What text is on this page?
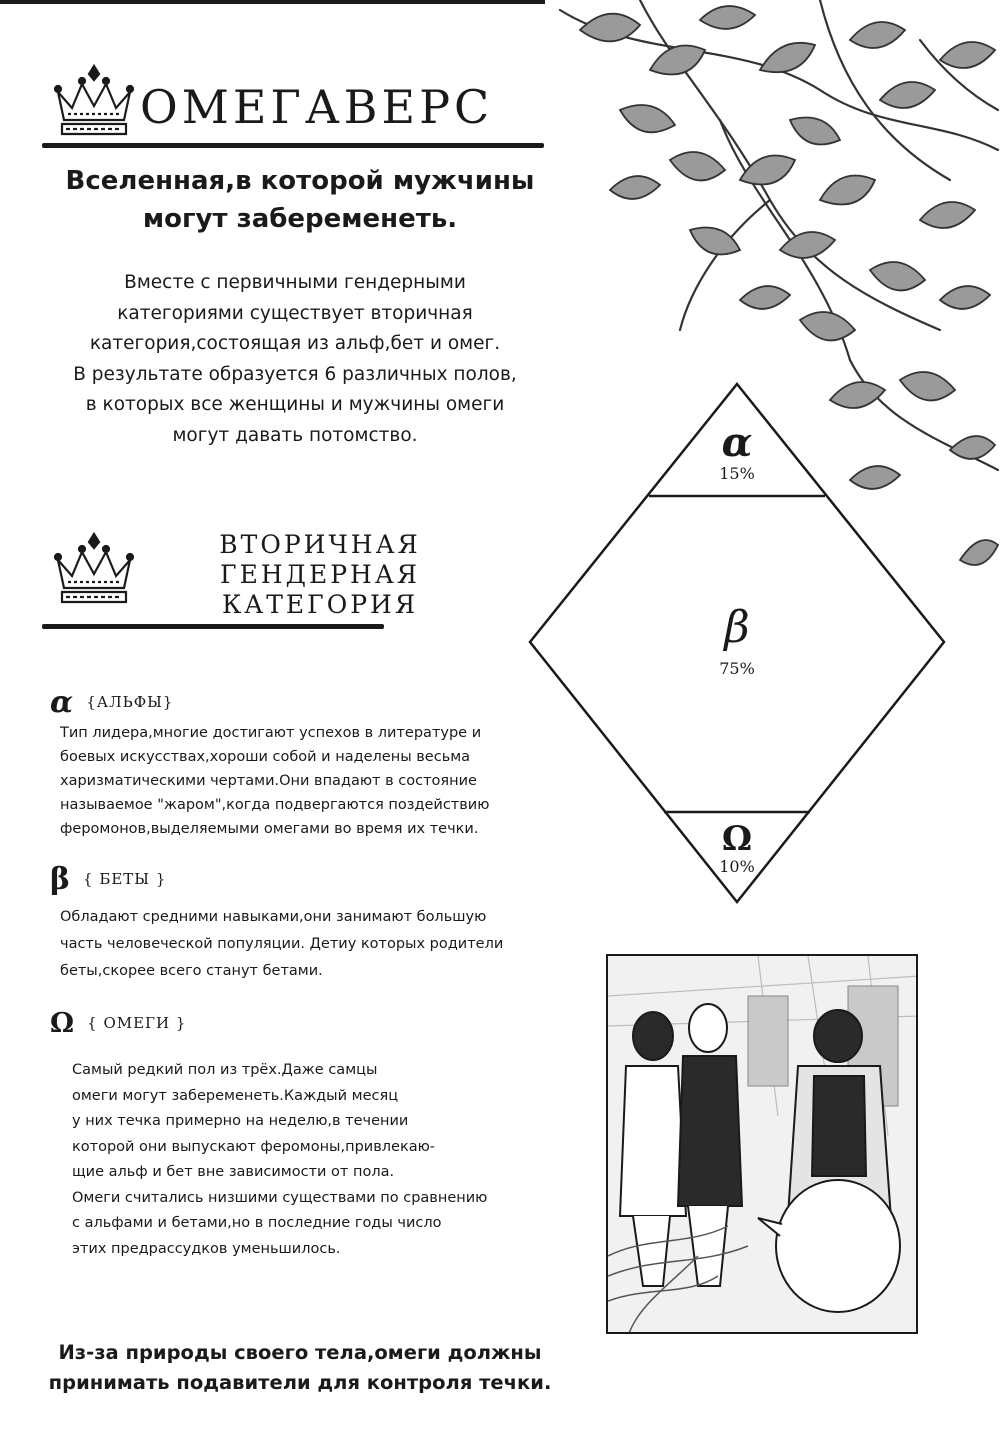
ОМЕГАВЕРС
Вселенная,в которой мужчины
могут забеременеть.
Вместе с первичными гендерными
категориями существует вторичная
категория,состоящая из альф,бет и омег.
В результате образуется 6 различных полов,
в которых все женщины и мужчины омеги
могут давать потомство.
ВТОРИЧНАЯ ГЕНДЕРНАЯ
КАТЕГОРИЯ
α
15%
β
75%
Ω
10%
α {АЛЬФЫ}
Тип лидера,многие достигают успехов в литературе и
боевых искусствах,хороши собой и наделены весьма
харизматическими чертами.Они впадают в состояние
называемое "жаром",когда подвергаются поздействию
феромонов,выделяемыми омегами во время их течки.
β { БЕТЫ }
Обладают средними навыками,они занимают большую
часть человеческой популяции. Детиу которых родители
беты,скорее всего станут бетами.
Ω { ОМЕГИ }
Самый редкий пол из трёх.Даже самцы
омеги могут забеременеть.Каждый месяц
у них течка примерно на неделю,в течении
которой они выпускают феромоны,привлекаю-
щие альф и бет вне зависимости от пола.
Омеги считались низшими существами по сравнению
с альфами и бетами,но в последние годы число
этих предрассудков уменьшилось.
Из-за природы своего тела,омеги должны
принимать подавители для контроля течки.
